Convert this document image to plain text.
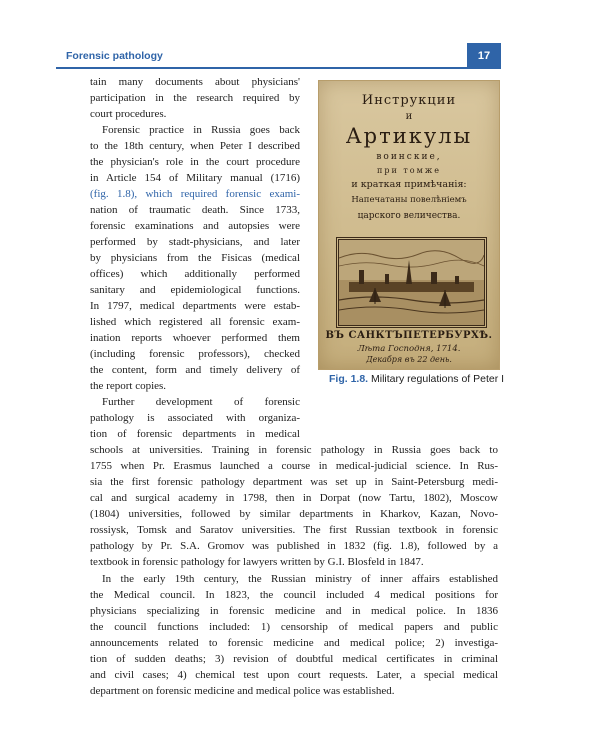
Forensic pathology	17
tain many documents about physicians'
participation in the research required by
court procedures.
Forensic practice in Russia goes back
to the 18th century, when Peter I described
the physician's role in the court procedure
in Article 154 of Military manual (1716)
(fig. 1.8), which required forensic exami-
nation of traumatic death. Since 1733,
forensic examinations and autopsies were
performed by stadt-physicians, and later
by physicians from the Fisicas (medical
offices) which additionally performed
sanitary and epidemiological functions.
In 1797, medical departments were estab-
lished which registered all forensic exam-
ination reports whoever performed them
(including forensic professors), checked
the content, form and timely delivery of
the report copies.
Further development of forensic
pathology is associated with organiza-
tion of forensic departments in medical
schools at universities. Training in forensic pathology in Russia goes back to
1755 when Pr. Erasmus launched a course in medical-judicial science. In Rus-
sia the first forensic pathology department was set up in Saint-Petersburg medi-
cal and surgical academy in 1798, then in Dorpat (now Tartu, 1802), Moscow
(1804) universities, followed by similar departments in Kharkov, Kazan, Novo-
rossiysk, Tomsk and Saratov universities. The first Russian textbook in forensic
pathology by Pr. S.A. Gromov was published in 1832 (fig. 1.8), followed by a
textbook in forensic pathology for lawyers written by G.I. Blosfeld in 1847.
In the early 19th century, the Russian ministry of inner affairs established
the Medical council. In 1823, the council included 4 medical positions for
physicians specializing in forensic medicine and in medical police. In 1836
the council functions included: 1) censorship of medical papers and public
announcements related to forensic medicine and medical police; 2) investiga-
tion of sudden deaths; 3) revision of doubtful medical certificates in criminal
and civil cases; 4) chemical test upon court requests. Later, a special medical
department on forensic medicine and medical police was established.
Инструкции
и
Артикулы
воинские,
при томже
и краткая примѣчанія:
Напечатаны повелѣніемъ
царского величества.
ВЪ САНКТЪПЕТЕРБУРХѢ.
Лѣта Господня, 1714.
Декабря въ 22 день.
Fig. 1.8. Military regulations of Peter I
